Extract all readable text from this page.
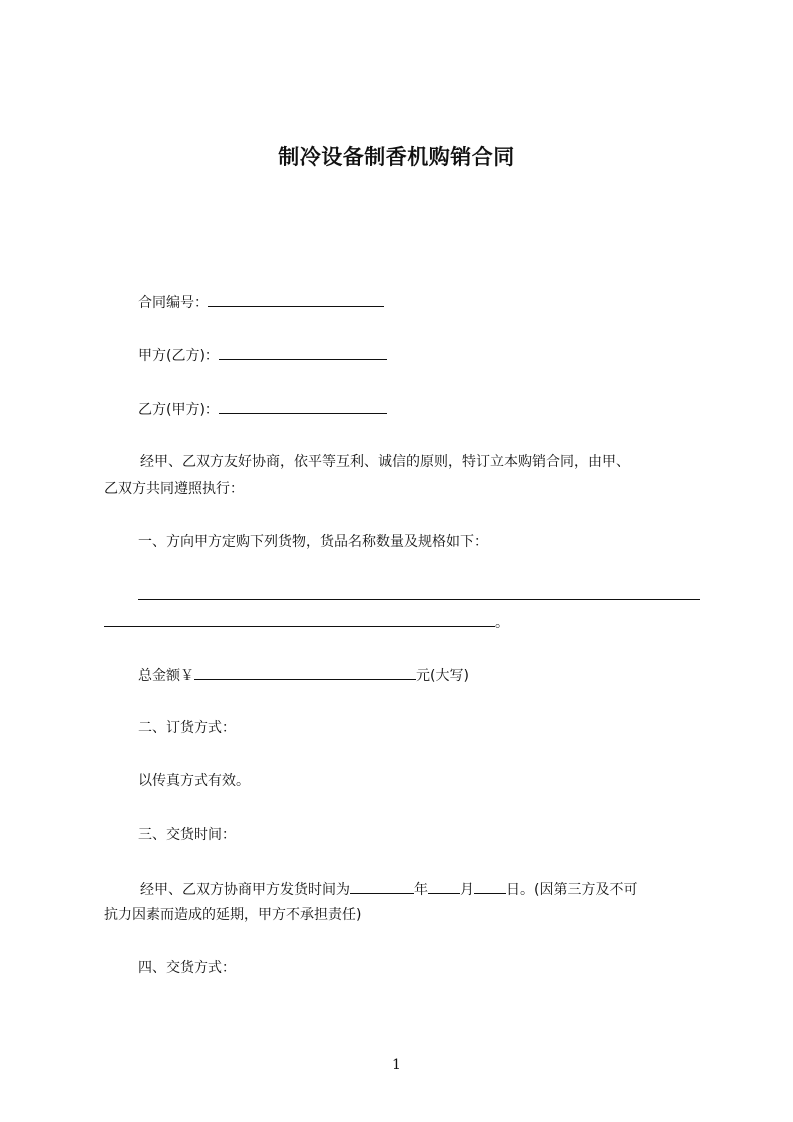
制冷设备制香机购销合同

合同编号：

甲方(乙方)：

乙方(甲方)：

经甲、乙双方友好协商，依平等互利、诚信的原则，特订立本购销合同，由甲、

乙双方共同遵照执行：

一、方向甲方定购下列货物，货品名称数量及规格如下：

。

总金额￥	元(大写)

二、订货方式：

以传真方式有效。

三、交货时间：

经甲、乙双方协商甲方发货时间为	年 月 日。(因第三方及不可

抗力因素而造成的延期，甲方不承担责任)

四、交货方式：

1
